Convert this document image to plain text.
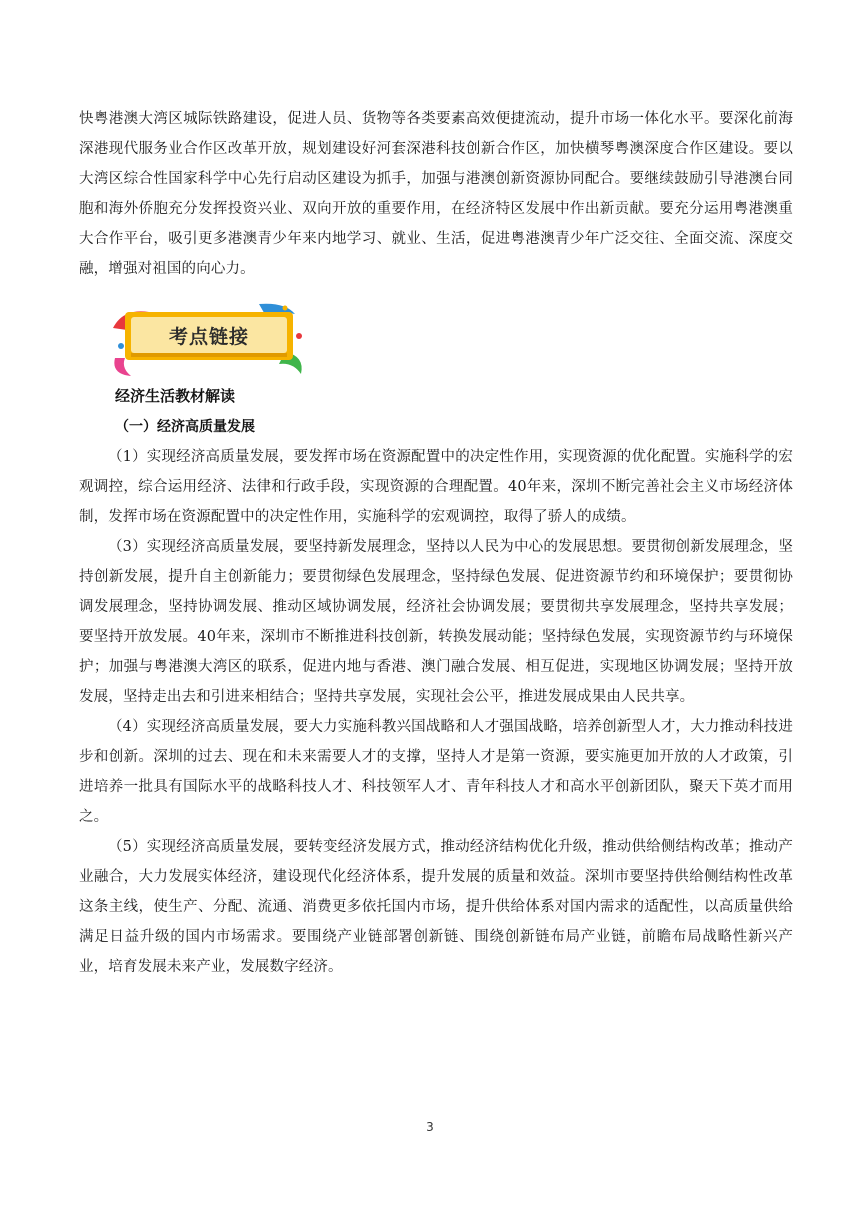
快粤港澳大湾区城际铁路建设，促进人员、货物等各类要素高效便捷流动，提升市场一体化水平。要深化前海深港现代服务业合作区改革开放，规划建设好河套深港科技创新合作区，加快横琴粤澳深度合作区建设。要以大湾区综合性国家科学中心先行启动区建设为抓手，加强与港澳创新资源协同配合。要继续鼓励引导港澳台同胞和海外侨胞充分发挥投资兴业、双向开放的重要作用，在经济特区发展中作出新贡献。要充分运用粤港澳重大合作平台，吸引更多港澳青少年来内地学习、就业、生活，促进粤港澳青少年广泛交往、全面交流、深度交融，增强对祖国的向心力。

考点链接

经济生活教材解读

（一）经济高质量发展

（1）实现经济高质量发展，要发挥市场在资源配置中的决定性作用，实现资源的优化配置。实施科学的宏观调控，综合运用经济、法律和行政手段，实现资源的合理配置。40年来，深圳不断完善社会主义市场经济体制，发挥市场在资源配置中的决定性作用，实施科学的宏观调控，取得了骄人的成绩。

（3）实现经济高质量发展，要坚持新发展理念，坚持以人民为中心的发展思想。要贯彻创新发展理念，坚持创新发展，提升自主创新能力；要贯彻绿色发展理念，坚持绿色发展、促进资源节约和环境保护；要贯彻协调发展理念，坚持协调发展、推动区域协调发展，经济社会协调发展；要贯彻共享发展理念，坚持共享发展；要坚持开放发展。40年来，深圳市不断推进科技创新，转换发展动能；坚持绿色发展，实现资源节约与环境保护；加强与粤港澳大湾区的联系，促进内地与香港、澳门融合发展、相互促进，实现地区协调发展；坚持开放发展，坚持走出去和引进来相结合；坚持共享发展，实现社会公平，推进发展成果由人民共享。

（4）实现经济高质量发展，要大力实施科教兴国战略和人才强国战略，培养创新型人才，大力推动科技进步和创新。深圳的过去、现在和未来需要人才的支撑，坚持人才是第一资源，要实施更加开放的人才政策，引进培养一批具有国际水平的战略科技人才、科技领军人才、青年科技人才和高水平创新团队，聚天下英才而用之。

（5）实现经济高质量发展，要转变经济发展方式，推动经济结构优化升级，推动供给侧结构改革；推动产业融合，大力发展实体经济，建设现代化经济体系，提升发展的质量和效益。深圳市要坚持供给侧结构性改革这条主线，使生产、分配、流通、消费更多依托国内市场，提升供给体系对国内需求的适配性，以高质量供给满足日益升级的国内市场需求。要围绕产业链部署创新链、围绕创新链布局产业链，前瞻布局战略性新兴产业，培育发展未来产业，发展数字经济。

3
